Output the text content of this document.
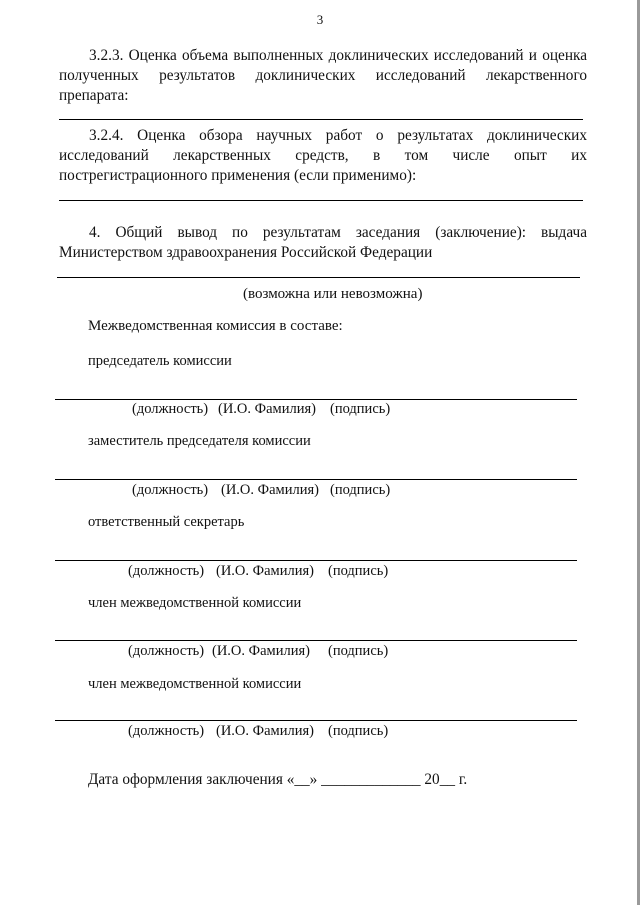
3
3.2.3. Оценка объема выполненных доклинических исследований и оценка полученных результатов доклинических исследований лекарственного препарата:
3.2.4. Оценка обзора научных работ о результатах доклинических исследований лекарственных средств, в том числе опыт их пострегистрационного применения (если применимо):
4. Общий вывод по результатам заседания (заключение): выдача Министерством здравоохранения Российской Федерации
(возможна или невозможна)
Межведомственная комиссия в составе:
председатель комиссии
(должность) (И.О. Фамилия) (подпись)
заместитель председателя комиссии
(должность) (И.О. Фамилия) (подпись)
ответственный секретарь
(должность) (И.О. Фамилия) (подпись)
член межведомственной комиссии
(должность) (И.О. Фамилия) (подпись)
член межведомственной комиссии
(должность) (И.О. Фамилия) (подпись)
Дата оформления заключения «__» _____________ 20__ г.
